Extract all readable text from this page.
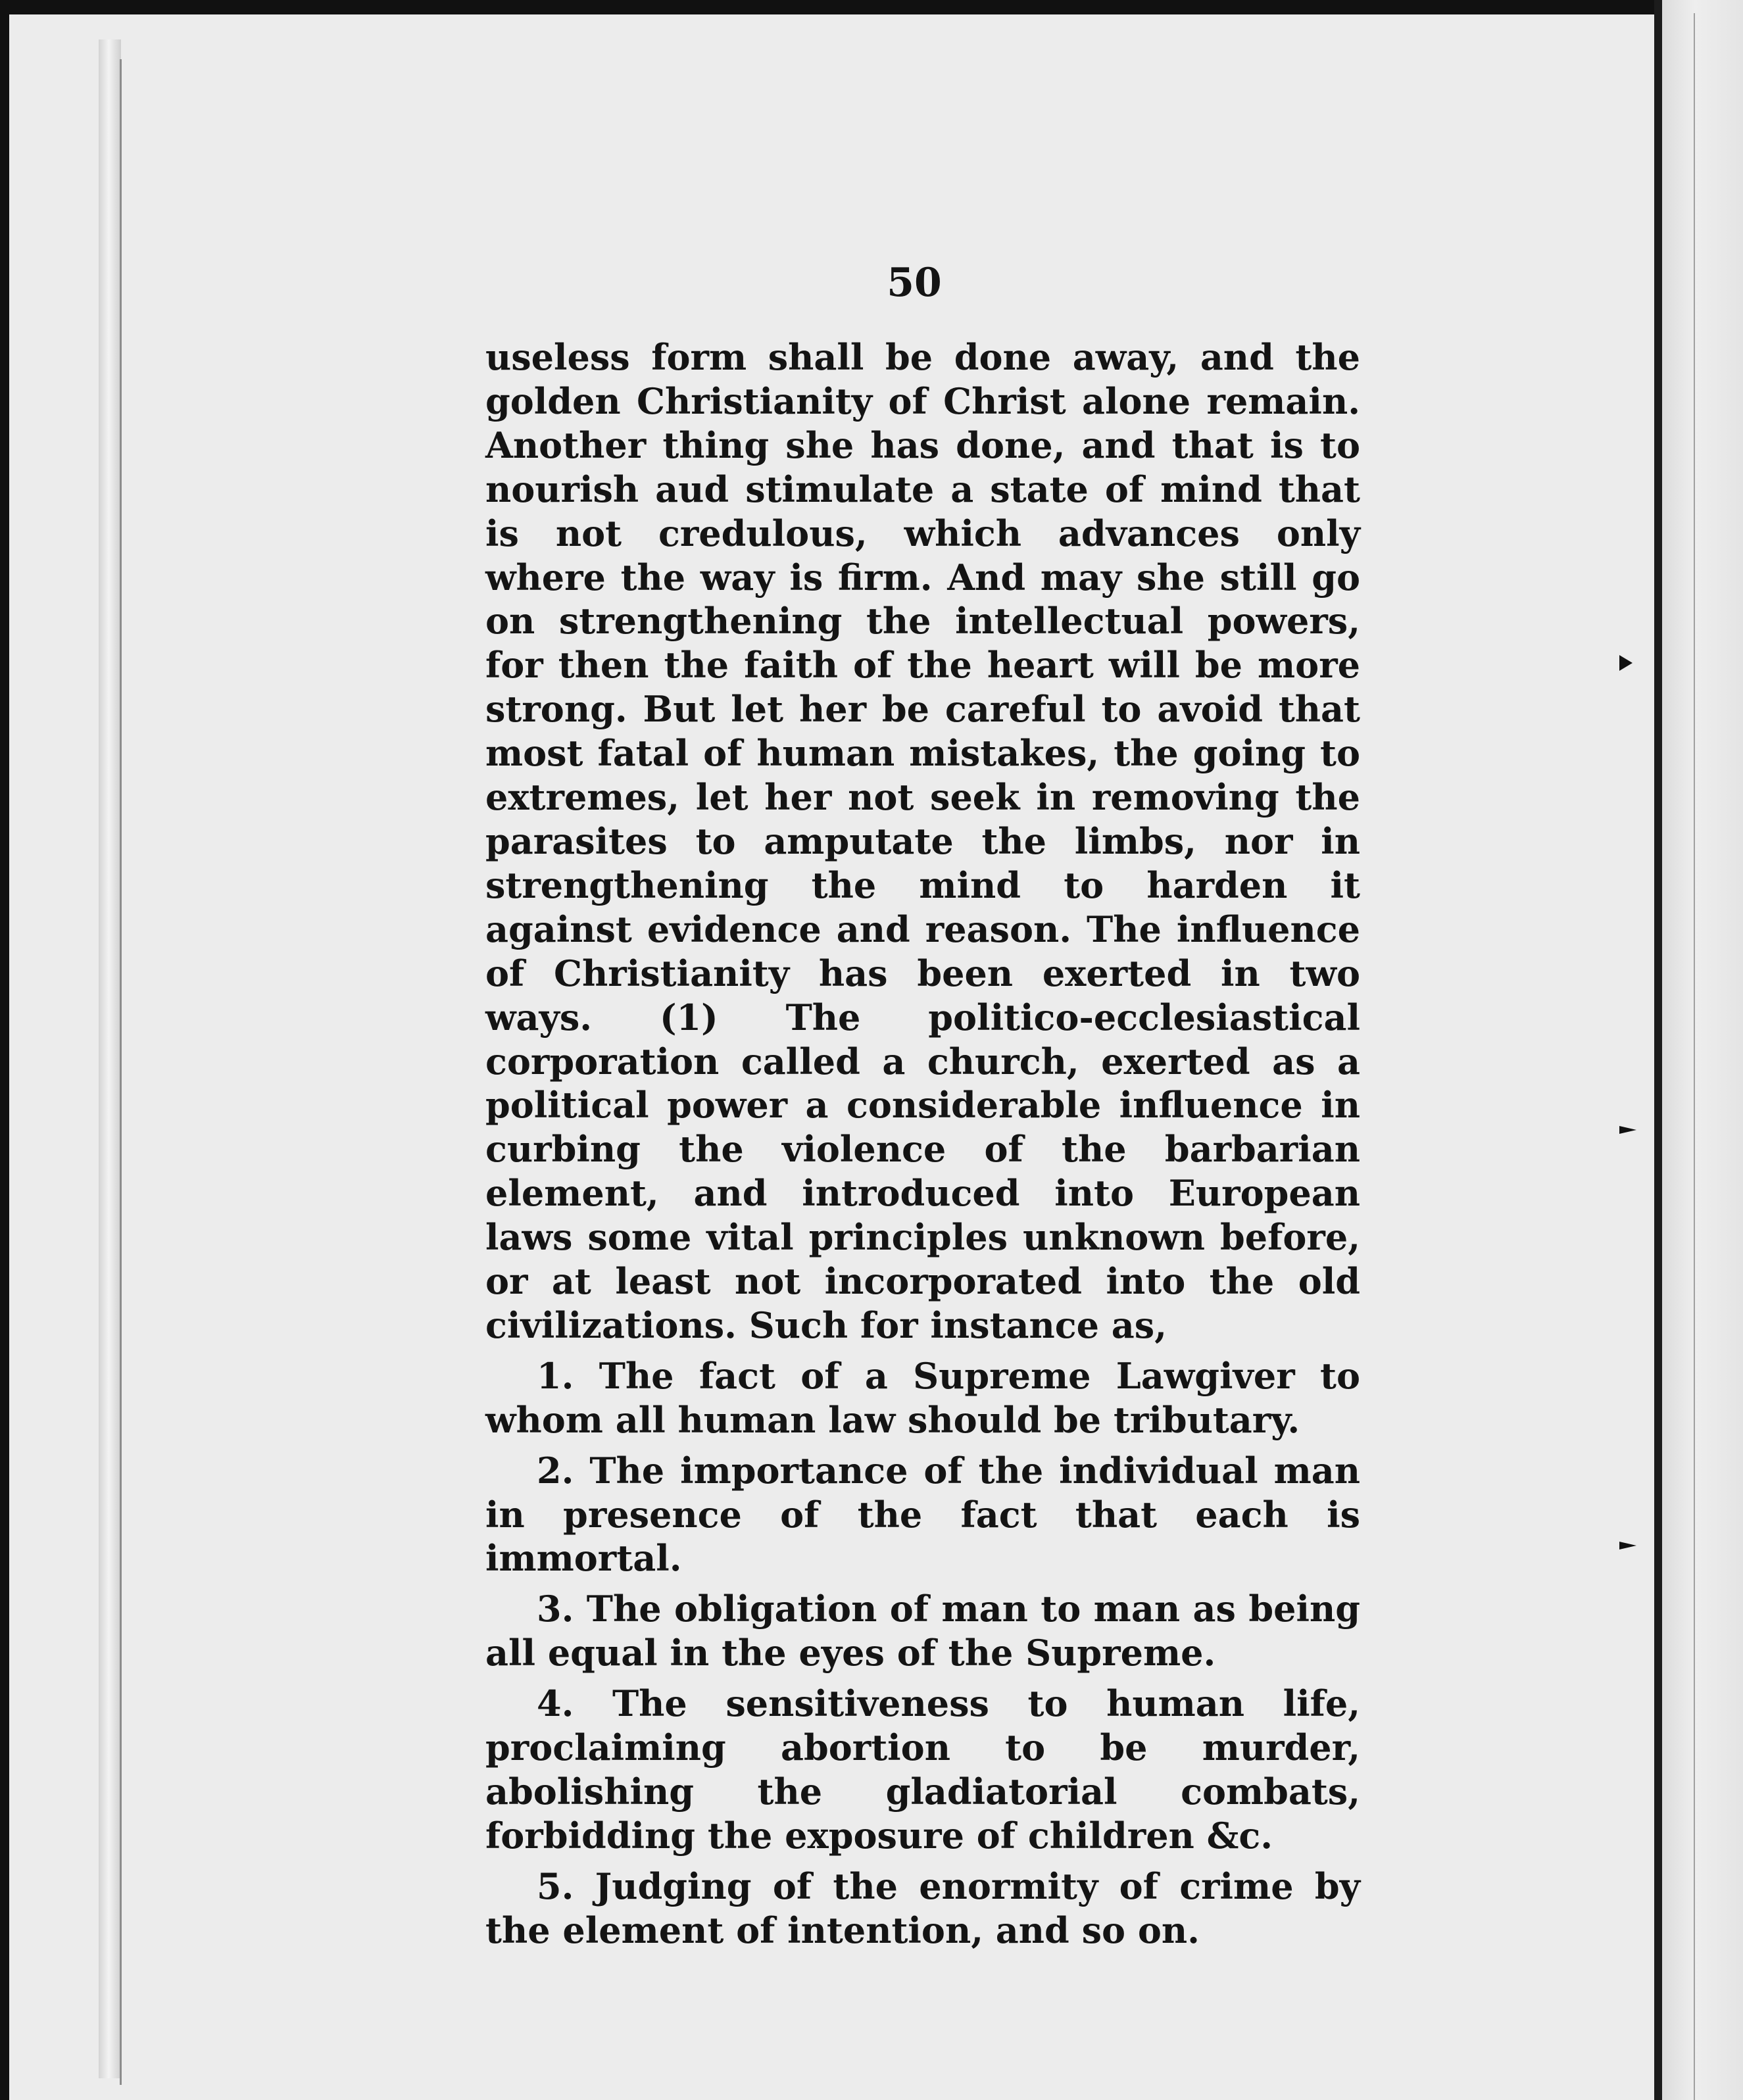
50

useless form shall be done away, and the golden Christianity of Christ alone remain. Another thing she has done, and that is to nourish aud stimulate a state of mind that is not credulous, which advances only where the way is firm. And may she still go on strengthening the intellectual powers, for then the faith of the heart will be more strong. But let her be careful to avoid that most fatal of human mistakes, the going to extremes, let her not seek in removing the parasites to amputate the limbs, nor in strengthening the mind to harden it against evidence and reason. The influence of Christianity has been exerted in two ways. (1) The politico-ecclesiastical corporation called a church, exerted as a political power a considerable influence in curbing the violence of the barbarian element, and introduced into European laws some vital principles unknown before, or at least not incorporated into the old civilizations. Such for instance as,

1. The fact of a Supreme Lawgiver to whom all human law should be tributary.

2. The importance of the individual man in presence of the fact that each is immortal.

3. The obligation of man to man as being all equal in the eyes of the Supreme.

4. The sensitiveness to human life, proclaiming abortion to be murder, abolishing the gladiatorial combats, forbidding the exposure of children &c.

5. Judging of the enormity of crime by the element of intention, and so on.
